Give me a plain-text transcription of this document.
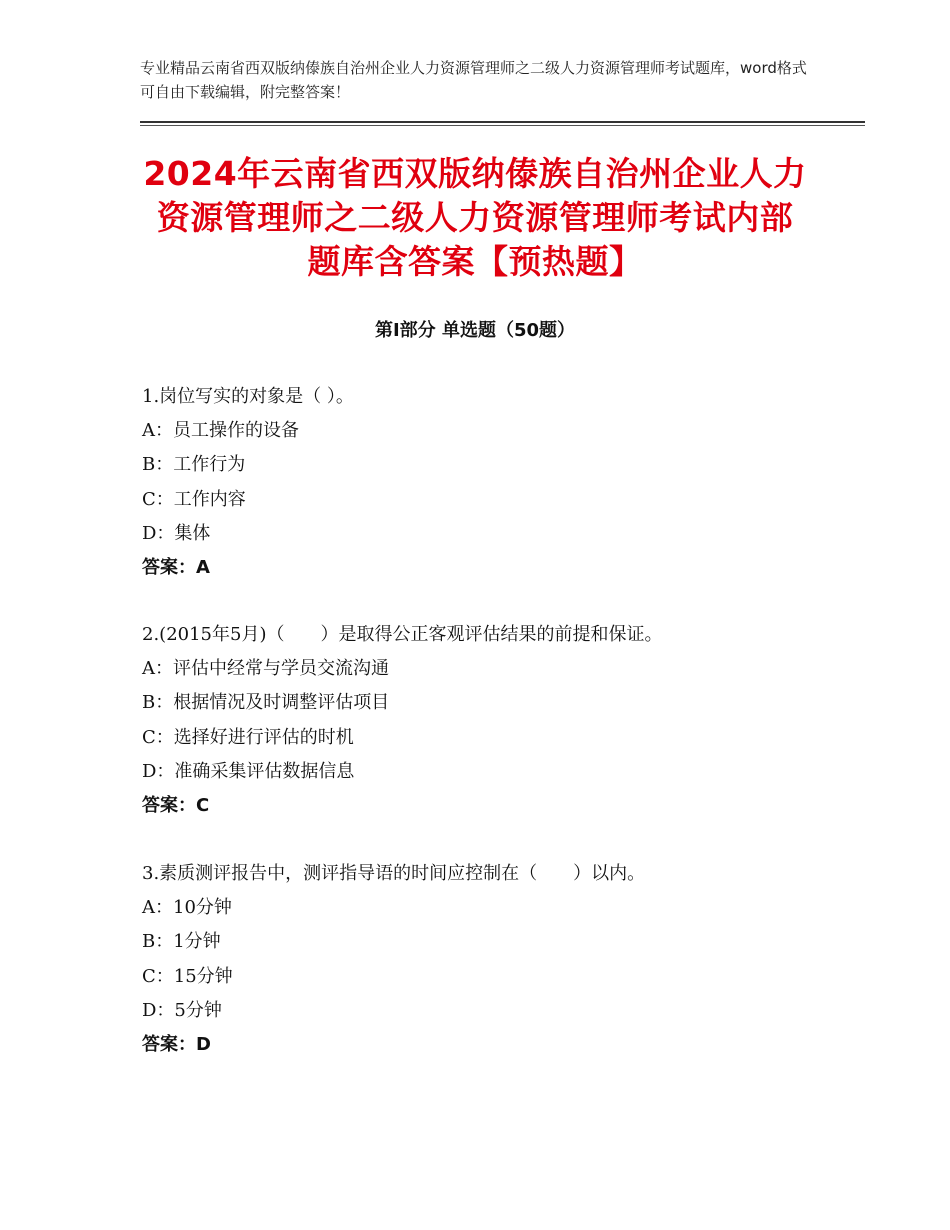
专业精品云南省西双版纳傣族自治州企业人力资源管理师之二级人力资源管理师考试题库，word格式可自由下载编辑，附完整答案！
2024年云南省西双版纳傣族自治州企业人力
资源管理师之二级人力资源管理师考试内部
题库含答案【预热题】
第Ⅰ部分 单选题（50题）
1.岗位写实的对象是（ ）。
A：员工操作的设备
B：工作行为
C：工作内容
D：集体
答案：A
2.(2015年5月)（　　）是取得公正客观评估结果的前提和保证。
A：评估中经常与学员交流沟通
B：根据情况及时调整评估项目
C：选择好进行评估的时机
D：准确采集评估数据信息
答案：C
3.素质测评报告中，测评指导语的时间应控制在（　　）以内。
A：10分钟
B：1分钟
C：15分钟
D：5分钟
答案：D
